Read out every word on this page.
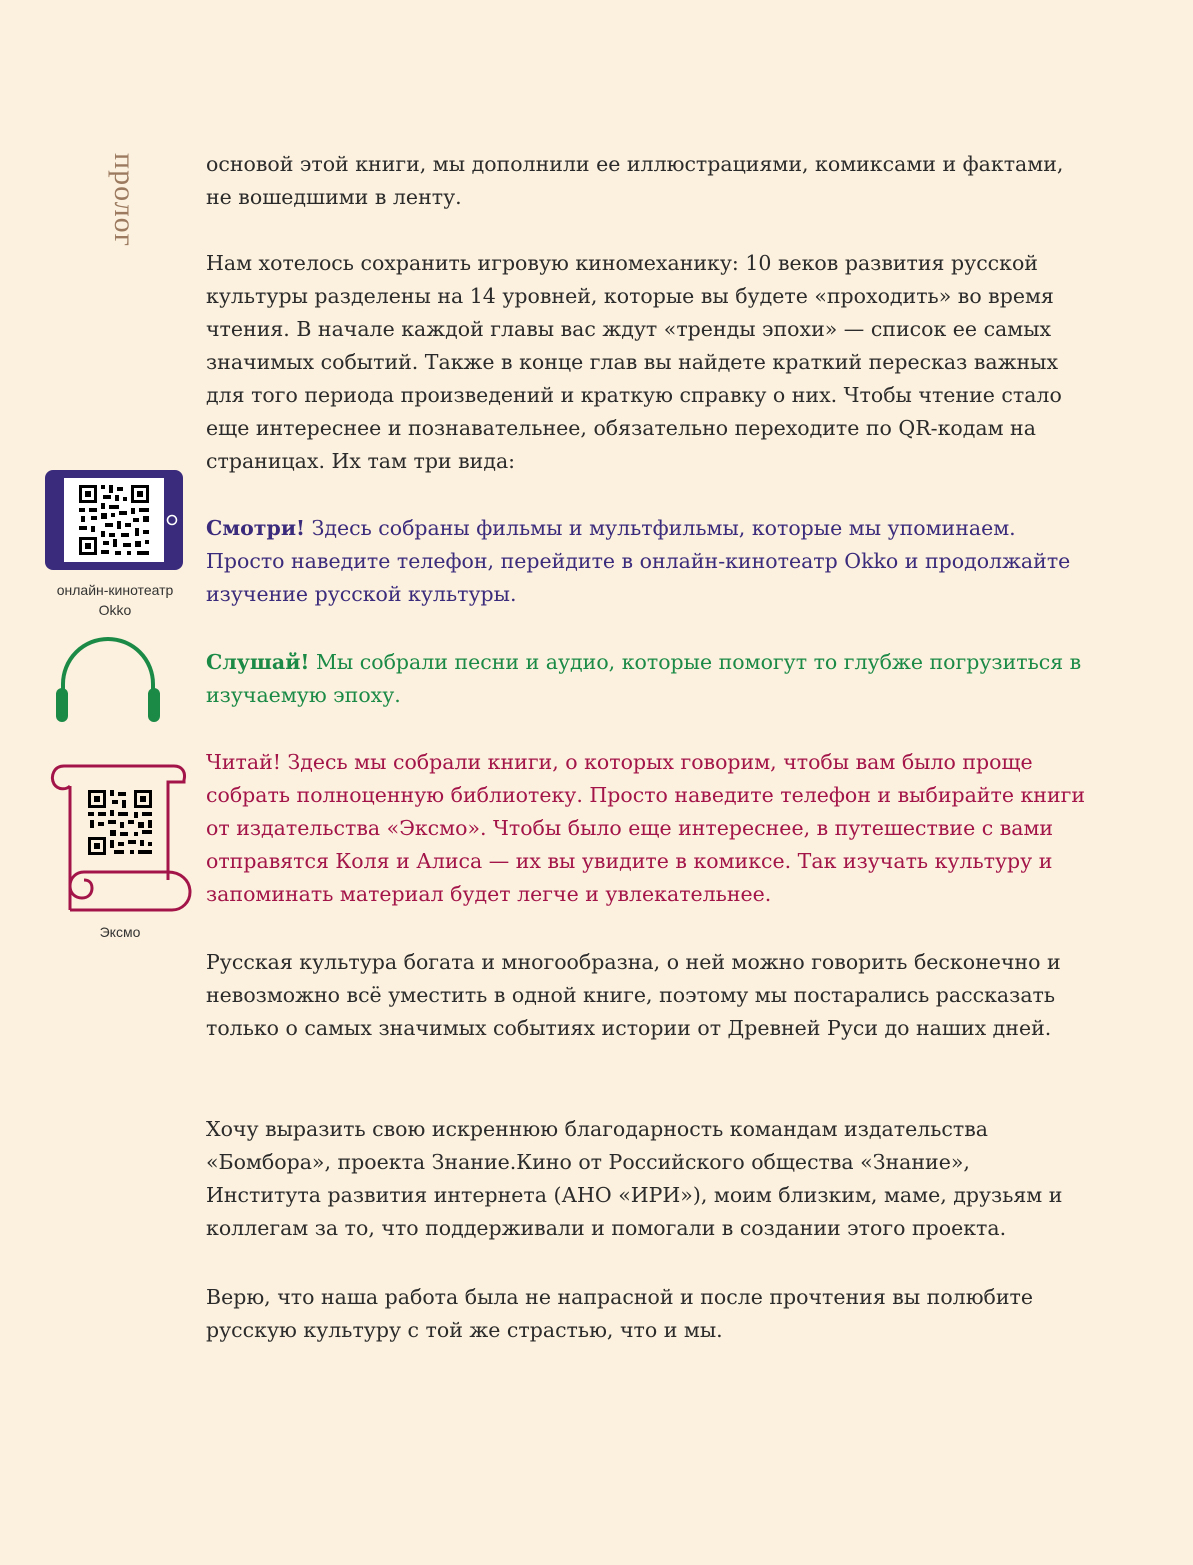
пролог	основой этой книги, мы дополнили ее иллюстрациями, комиксами и фактами, не вошедшими в ленту.

Нам хотелось сохранить игровую киномеханику: 10 веков развития русской культуры разделены на 14 уровней, которые вы будете «проходить» во время чтения. В начале каждой главы вас ждут «тренды эпохи» — список ее самых значимых событий. Также в конце глав вы найдете краткий пересказ важных для того периода произведений и краткую справку о них. Чтобы чтение стало еще интереснее и познавательнее, обязательно переходите по QR-кодам на страницах. Их там три вида:

Смотри! Здесь собраны фильмы и мультфильмы, которые мы упоминаем. Просто наведите телефон, перейдите в онлайн-кинотеатр Okko и продолжайте изучение русской культуры.

Слушай! Мы собрали песни и аудио, которые помогут то глубже погрузиться в изучаемую эпоху.

Читай! Здесь мы собрали книги, о которых говорим, чтобы вам было проще собрать полноценную библиотеку. Просто наведите телефон и выбирайте книги от издательства «Эксмо». Чтобы было еще интереснее, в путешествие с вами отправятся Коля и Алиса — их вы увидите в комиксе. Так изучать культуру и запоминать материал будет легче и увлекательнее.

Русская культура богата и многообразна, о ней можно говорить бесконечно и невозможно всё уместить в одной книге, поэтому мы постарались рассказать только о самых значимых событиях истории от Древней Руси до наших дней.

Хочу выразить свою искреннюю благодарность командам издательства «Бомбора», проекта Знание.Кино от Российского общества «Знание», Института развития интернета (АНО «ИРИ»), моим близким, маме, друзьям и коллегам за то, что поддерживали и помогали в создании этого проекта.

Верю, что наша работа была не напрасной и после прочтения вы полюбите русскую культуру с той же страстью, что и мы.

онлайн-кинотеатр
Okko
Эксмо
